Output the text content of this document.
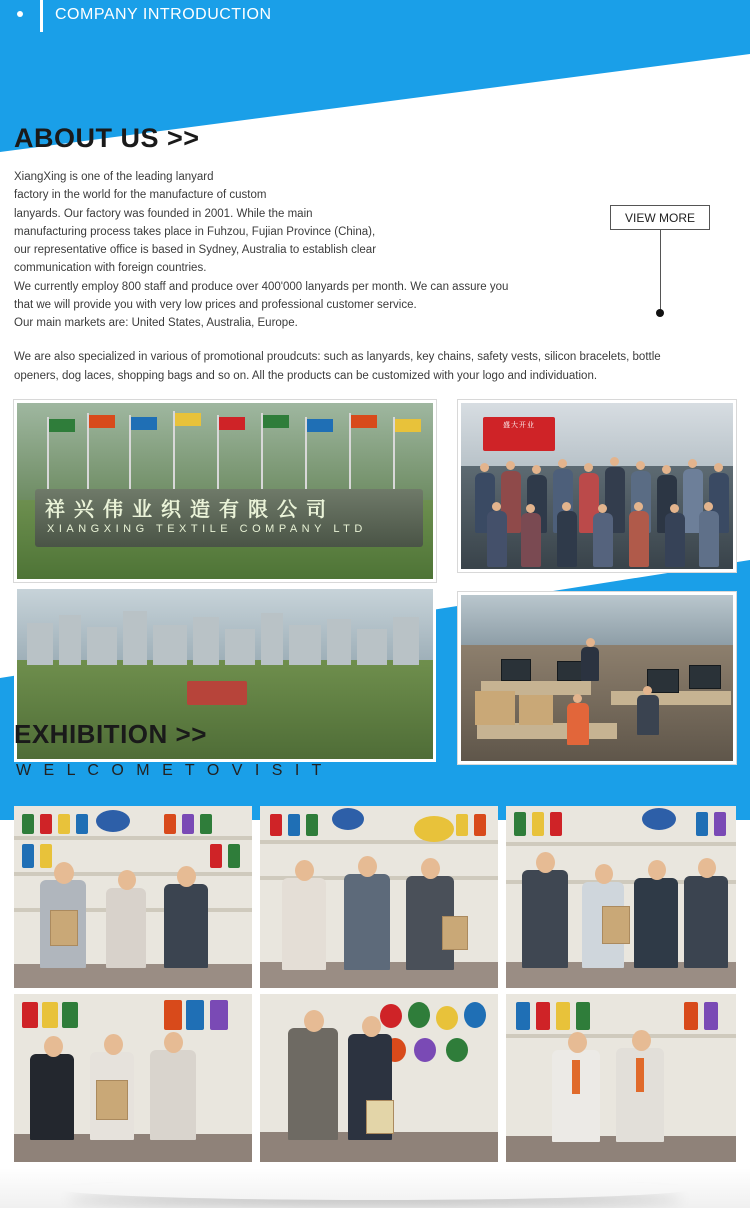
COMPANY INTRODUCTION
ABOUT US >>

XiangXing is one of the leading lanyard

factory in the world for the manufacture of custom

lanyards. Our factory was founded in 2001. While the main

manufacturing process takes place in Fuhzou, Fujian Province (China),

our representative office is based in Sydney, Australia to establish clear

communication with foreign countries.

We currently employ 800 staff and produce over 400'000 lanyards per month. We can assure you

that we will provide you with very low prices and professional customer service.

Our main markets are: United States, Australia, Europe.

We are also specialized in various of promotional proudcuts: such as lanyards, key chains, safety vests, silicon bracelets, bottle

openers, dog laces, shopping bags and so on. All the products can be customized with your logo and individuation.

VIEW MORE
祥兴伟业织造有限公司
XIANGXING TEXTILE COMPANY LTD
盛大开业
EXHIBITION >>
W E L C O M E T O V I S I T
